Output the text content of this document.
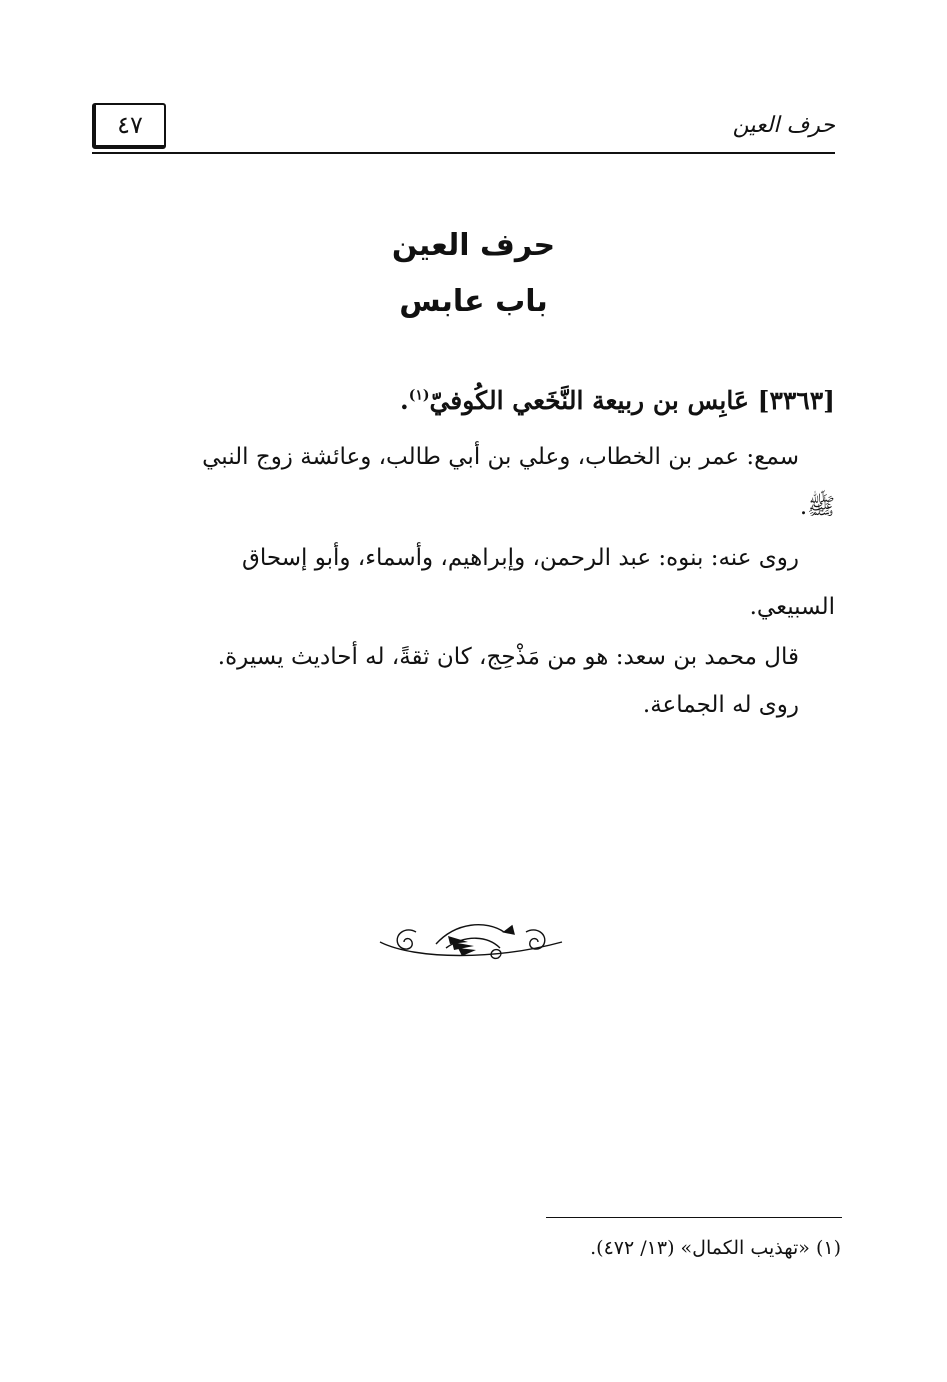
حرف العين
٤٧
حرف العين
باب عابس
[٣٣٦٣] عَابِس بن ربيعة النَّخَعي الكُوفيّ$^{(١)}$.
سمع: عمر بن الخطاب، وعلي بن أبي طالب، وعائشة زوج النبي
ﷺ.
روى عنه: بنوه: عبد الرحمن، وإبراهيم، وأسماء، وأبو إسحاق
السبيعي.
قال محمد بن سعد: هو من مَذْحِج، كان ثقةً، له أحاديث يسيرة.
روى له الجماعة.
(١) «تهذيب الكمال» (١٣/ ٤٧٢).
